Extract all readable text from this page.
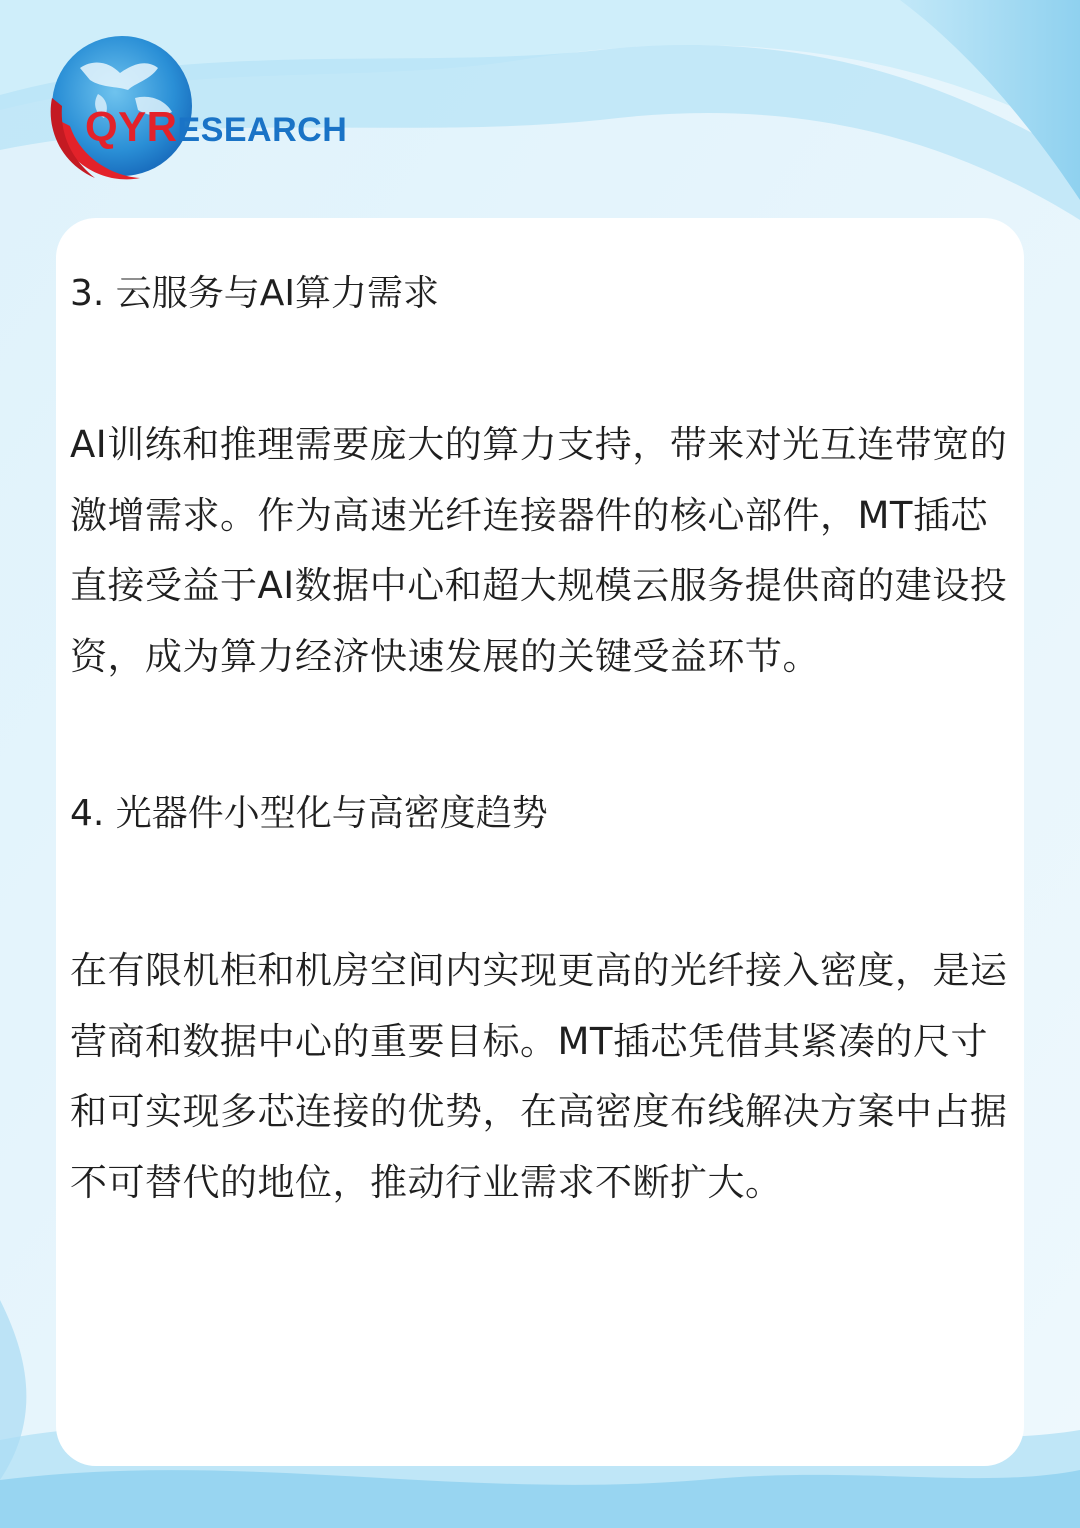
QYRESEARCH
3. 云服务与AI算力需求

AI训练和推理需要庞大的算力支持，带来对光互连带宽的激增需求。作为高速光纤连接器件的核心部件，MT插芯直接受益于AI数据中心和超大规模云服务提供商的建设投资，成为算力经济快速发展的关键受益环节。

4. 光器件小型化与高密度趋势

在有限机柜和机房空间内实现更高的光纤接入密度，是运营商和数据中心的重要目标。MT插芯凭借其紧凑的尺寸和可实现多芯连接的优势，在高密度布线解决方案中占据不可替代的地位，推动行业需求不断扩大。
